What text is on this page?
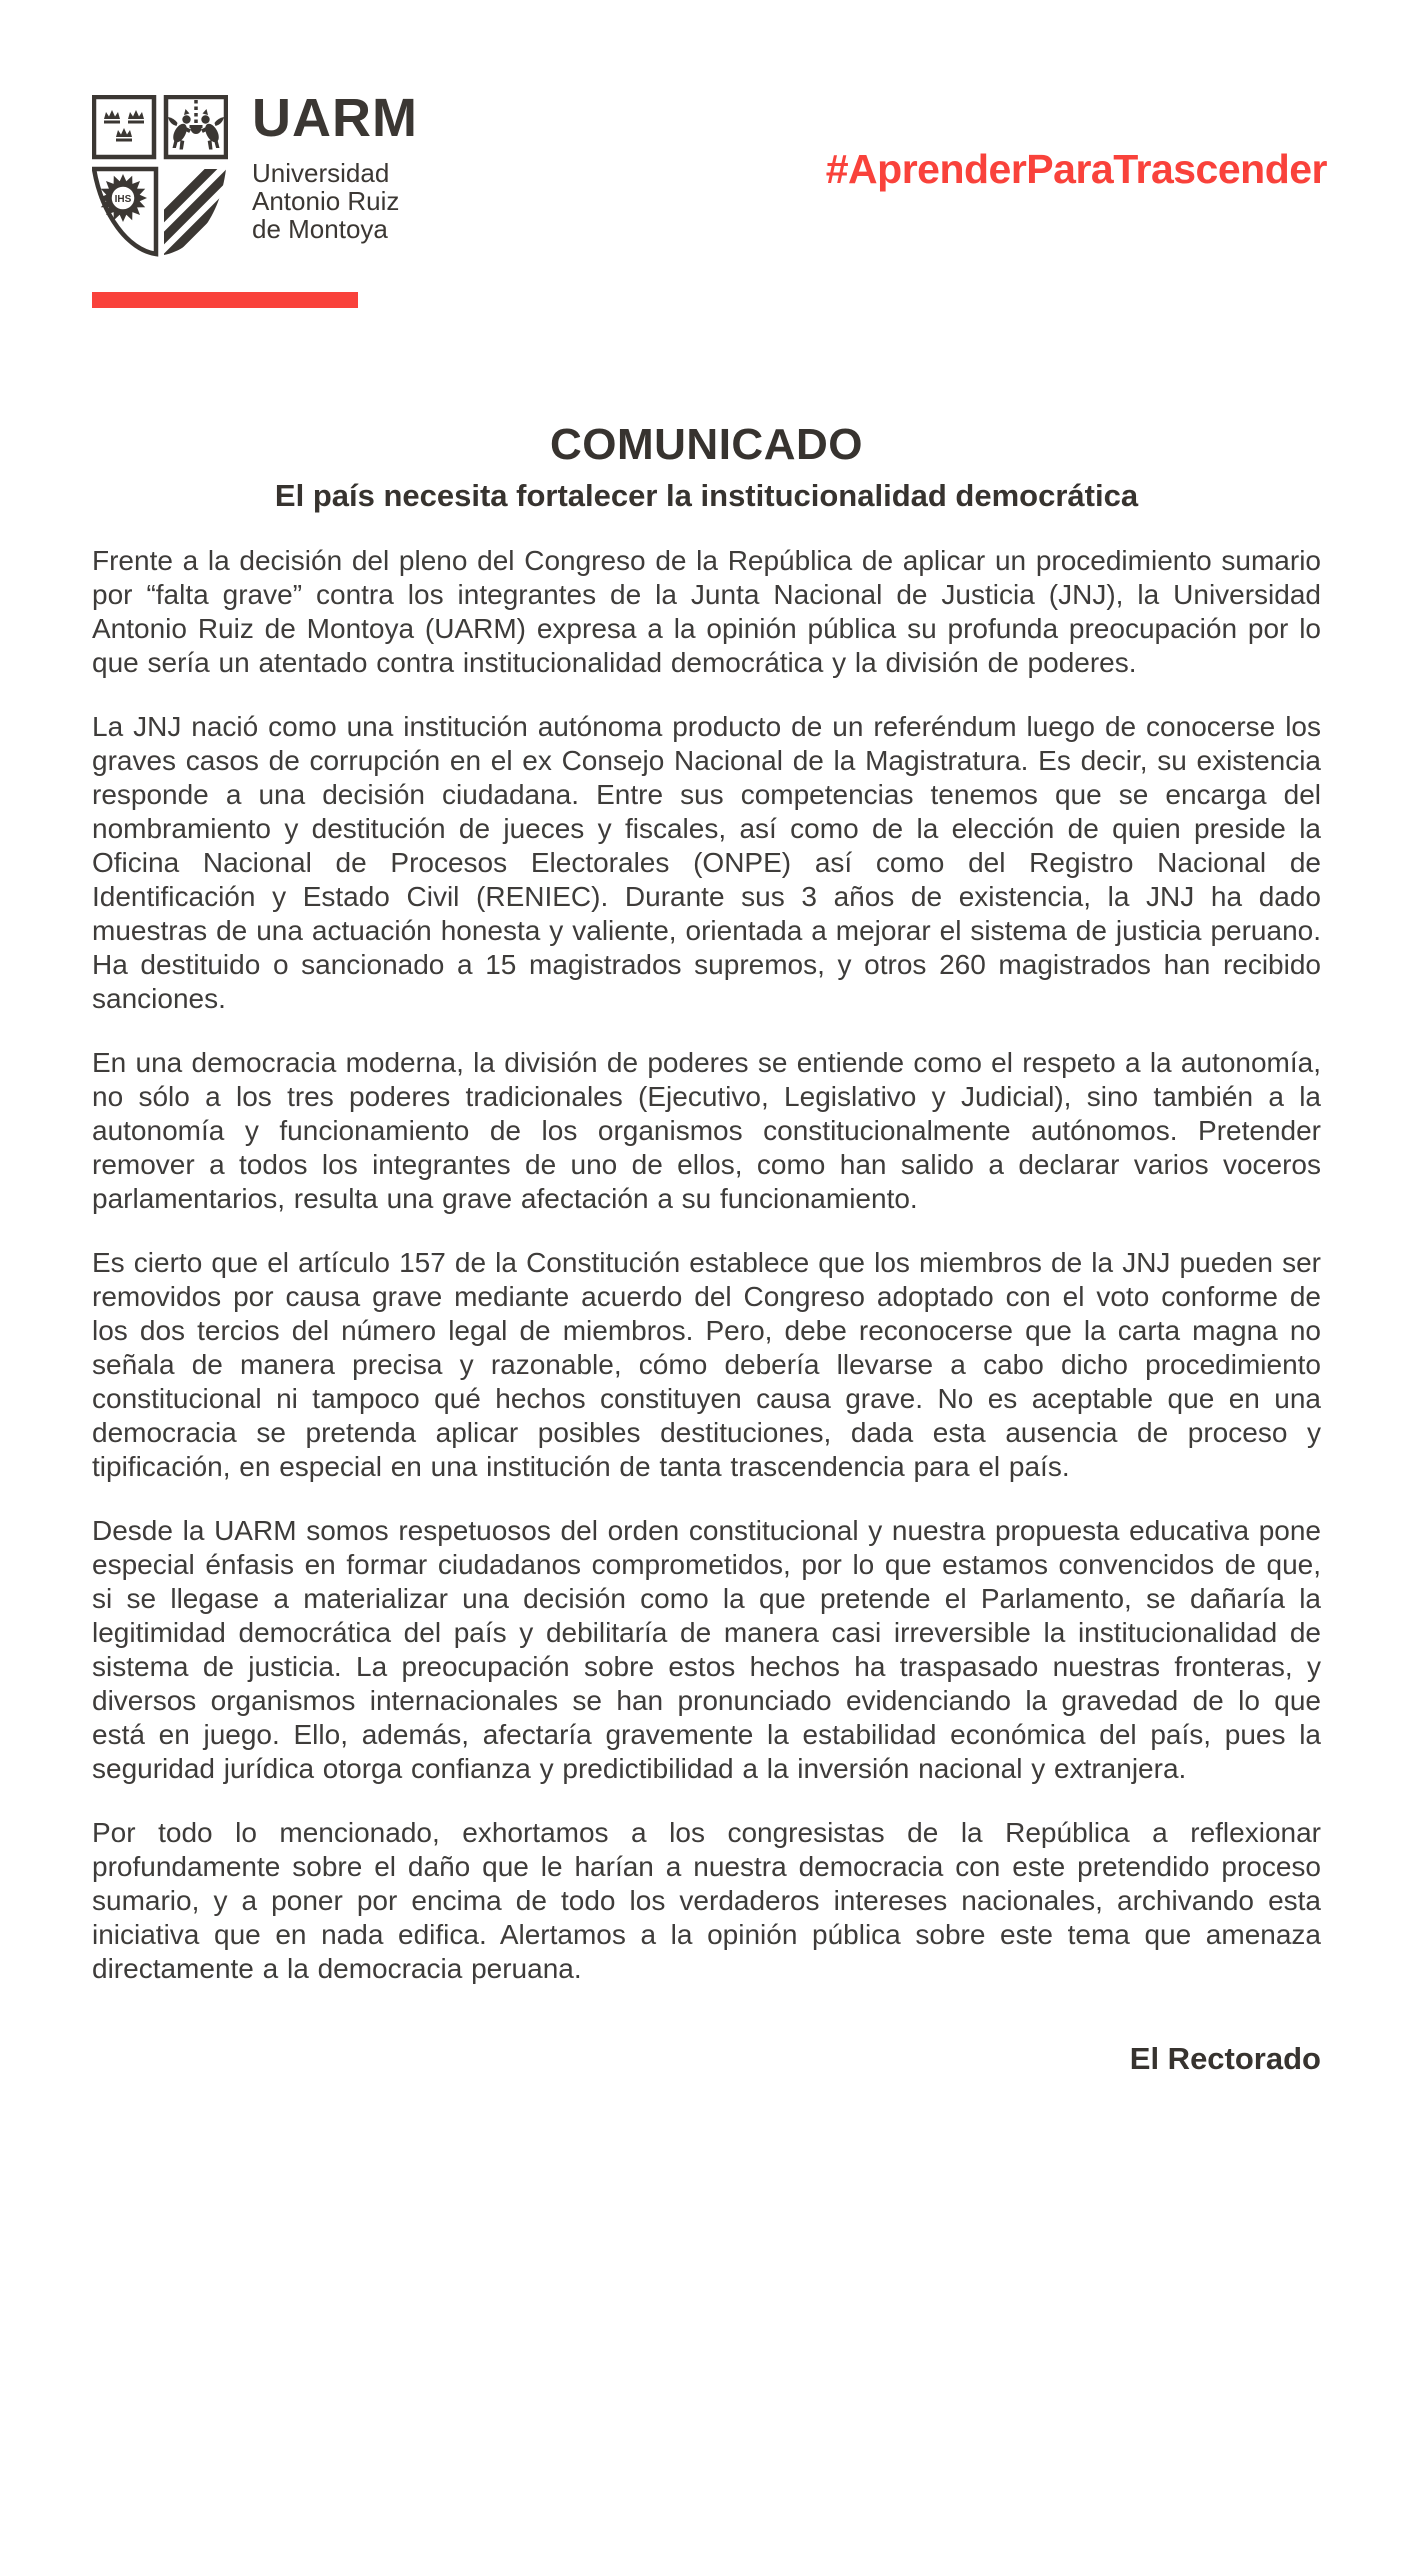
IHS
UARM
Universidad
Antonio Ruiz
de Montoya
#AprenderParaTrascender
COMUNICADO
El país necesita fortalecer la institucionalidad democrática

Frente a la decisión del pleno del Congreso de la República de aplicar un procedimiento sumario por “falta grave” contra los integrantes de la Junta Nacional de Justicia (JNJ), la Universidad Antonio Ruiz de Montoya (UARM) expresa a la opinión pública su profunda preocupación por lo que sería un atentado contra institucionalidad democrática y la división de poderes.

La JNJ nació como una institución autónoma producto de un referéndum luego de conocerse los graves casos de corrupción en el ex Consejo Nacional de la Magistratura. Es decir, su existencia responde a una decisión ciudadana. Entre sus competencias tenemos que se encarga del nombramiento y destitución de jueces y fiscales, así como de la elección de quien preside la Oficina Nacional de Procesos Electorales (ONPE) así como del Registro Nacional de Identificación y Estado Civil (RENIEC). Durante sus 3 años de existencia, la JNJ ha dado muestras de una actuación honesta y valiente, orientada a mejorar el sistema de justicia peruano. Ha destituido o sancionado a 15 magistrados supremos, y otros 260 magistrados han recibido sanciones.

En una democracia moderna, la división de poderes se entiende como el respeto a la autonomía, no sólo a los tres poderes tradicionales (Ejecutivo, Legislativo y Judicial), sino también a la autonomía y funcionamiento de los organismos constitucionalmente autónomos. Pretender remover a todos los integrantes de uno de ellos, como han salido a declarar varios voceros parlamentarios, resulta una grave afectación a su funcionamiento.

Es cierto que el artículo 157 de la Constitución establece que los miembros de la JNJ pueden ser removidos por causa grave mediante acuerdo del Congreso adoptado con el voto conforme de los dos tercios del número legal de miembros. Pero, debe reconocerse que la carta magna no señala de manera precisa y razonable, cómo debería llevarse a cabo dicho procedimiento constitucional ni tampoco qué hechos constituyen causa grave. No es aceptable que en una democracia se pretenda aplicar posibles destituciones, dada esta ausencia de proceso y tipificación, en especial en una institución de tanta trascendencia para el país.

Desde la UARM somos respetuosos del orden constitucional y nuestra propuesta educativa pone especial énfasis en formar ciudadanos comprometidos, por lo que estamos convencidos de que, si se llegase a materializar una decisión como la que pretende el Parlamento, se dañaría la legitimidad democrática del país y debilitaría de manera casi irreversible la institucionalidad de sistema de justicia. La preocupación sobre estos hechos ha traspasado nuestras fronteras, y diversos organismos internacionales se han pronunciado evidenciando la gravedad de lo que está en juego. Ello, además, afectaría gravemente la estabilidad económica del país, pues la seguridad jurídica otorga confianza y predictibilidad a la inversión nacional y extranjera.

Por todo lo mencionado, exhortamos a los congresistas de la República a reflexionar profundamente sobre el daño que le harían a nuestra democracia con este pretendido proceso sumario, y a poner por encima de todo los verdaderos intereses nacionales, archivando esta iniciativa que en nada edifica. Alertamos a la opinión pública sobre este tema que amenaza directamente a la democracia peruana.

El Rectorado
